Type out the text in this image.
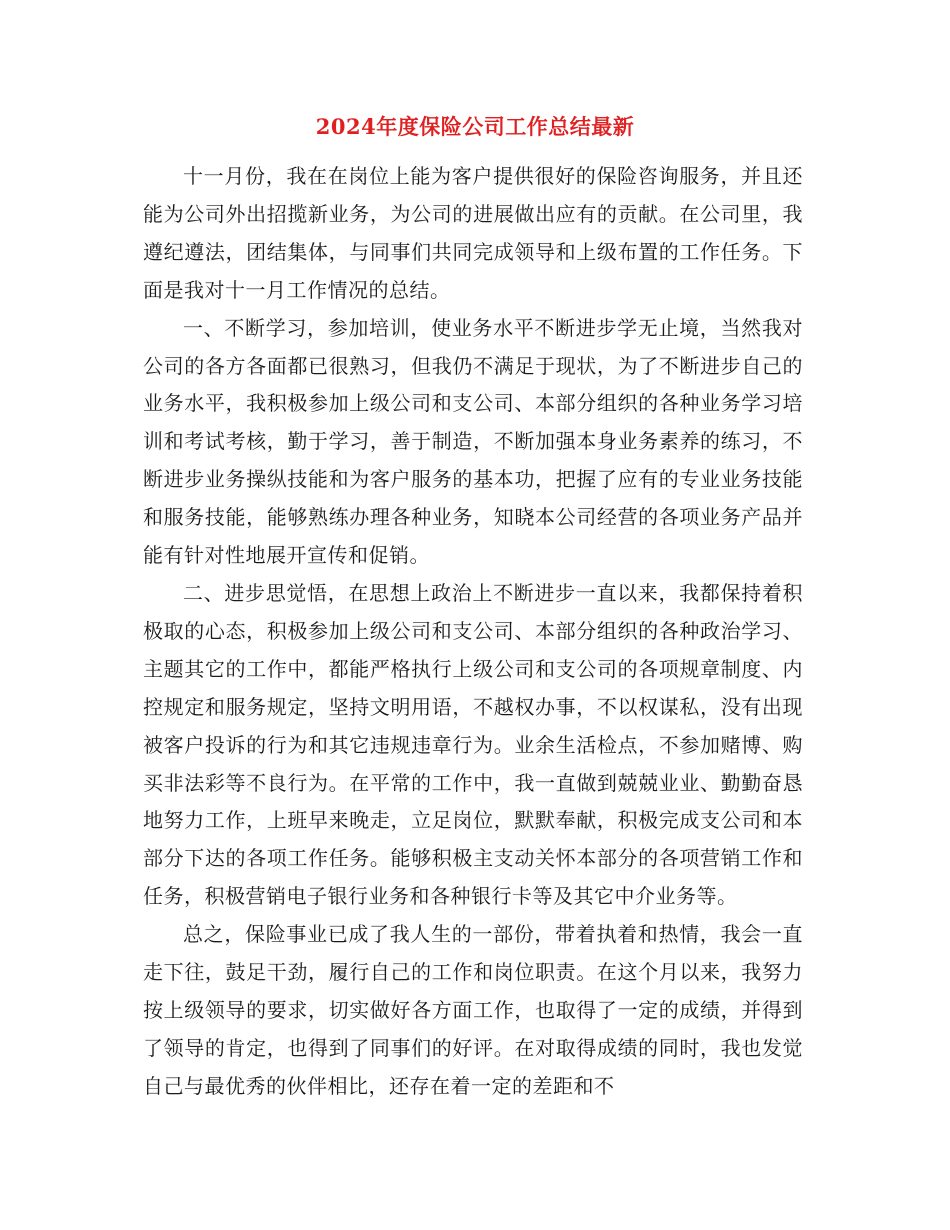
2024年度保险公司工作总结最新

十一月份，我在在岗位上能为客户提供很好的保险咨询服务，并且还能为公司外出招揽新业务，为公司的进展做出应有的贡献。在公司里，我遵纪遵法，团结集体，与同事们共同完成领导和上级布置的工作任务。下面是我对十一月工作情况的总结。

一、不断学习，参加培训，使业务水平不断进步学无止境，当然我对公司的各方各面都已很熟习，但我仍不满足于现状，为了不断进步自己的业务水平，我积极参加上级公司和支公司、本部分组织的各种业务学习培训和考试考核，勤于学习，善于制造，不断加强本身业务素养的练习，不断进步业务操纵技能和为客户服务的基本功，把握了应有的专业业务技能和服务技能，能够熟练办理各种业务，知晓本公司经营的各项业务产品并能有针对性地展开宣传和促销。

二、进步思觉悟，在思想上政治上不断进步一直以来，我都保持着积极取的心态，积极参加上级公司和支公司、本部分组织的各种政治学习、主题其它的工作中，都能严格执行上级公司和支公司的各项规章制度、内控规定和服务规定，坚持文明用语，不越权办事，不以权谋私，没有出现被客户投诉的行为和其它违规违章行为。业余生活检点，不参加赌博、购买非法彩等不良行为。在平常的工作中，我一直做到兢兢业业、勤勤奋恳地努力工作，上班早来晚走，立足岗位，默默奉献，积极完成支公司和本部分下达的各项工作任务。能够积极主支动关怀本部分的各项营销工作和任务，积极营销电子银行业务和各种银行卡等及其它中介业务等。

总之，保险事业已成了我人生的一部份，带着执着和热情，我会一直走下往，鼓足干劲，履行自己的工作和岗位职责。在这个月以来，我努力按上级领导的要求，切实做好各方面工作，也取得了一定的成绩，并得到了领导的肯定，也得到了同事们的好评。在对取得成绩的同时，我也发觉自己与最优秀的伙伴相比，还存在着一定的差距和不
